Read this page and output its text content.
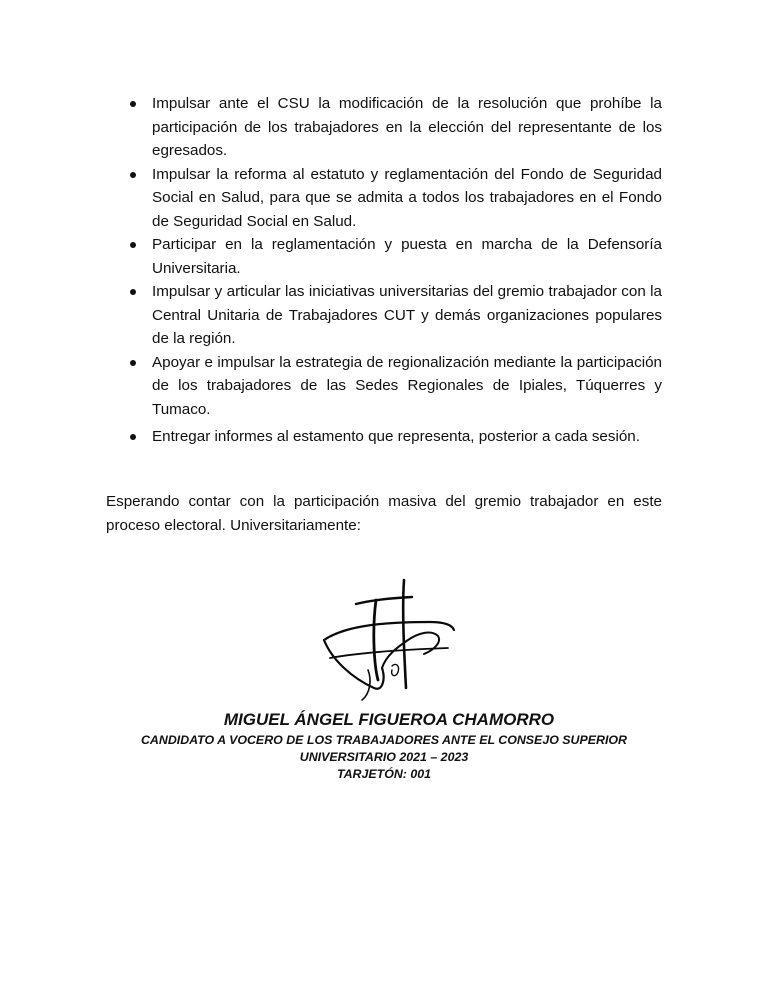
Impulsar ante el CSU la modificación de la resolución que prohíbe la participación de los trabajadores en la elección del representante de los egresados.
Impulsar la reforma al estatuto y reglamentación del Fondo de Seguridad Social en Salud, para que se admita a todos los trabajadores en el Fondo de Seguridad Social en Salud.
Participar en la reglamentación y puesta en marcha de la Defensoría Universitaria.
Impulsar y articular las iniciativas universitarias del gremio trabajador con la Central Unitaria de Trabajadores CUT y demás organizaciones populares de la región.
Apoyar e impulsar la estrategia de regionalización mediante la participación de los trabajadores de las Sedes Regionales de Ipiales, Túquerres y Tumaco.
Entregar informes al estamento que representa, posterior a cada sesión.

Esperando contar con la participación masiva del gremio trabajador en este proceso electoral. Universitariamente:

MIGUEL ÁNGEL FIGUEROA CHAMORRO
CANDIDATO A VOCERO DE LOS TRABAJADORES ANTE EL CONSEJO SUPERIOR
UNIVERSITARIO 2021 – 2023
TARJETÓN: 001
